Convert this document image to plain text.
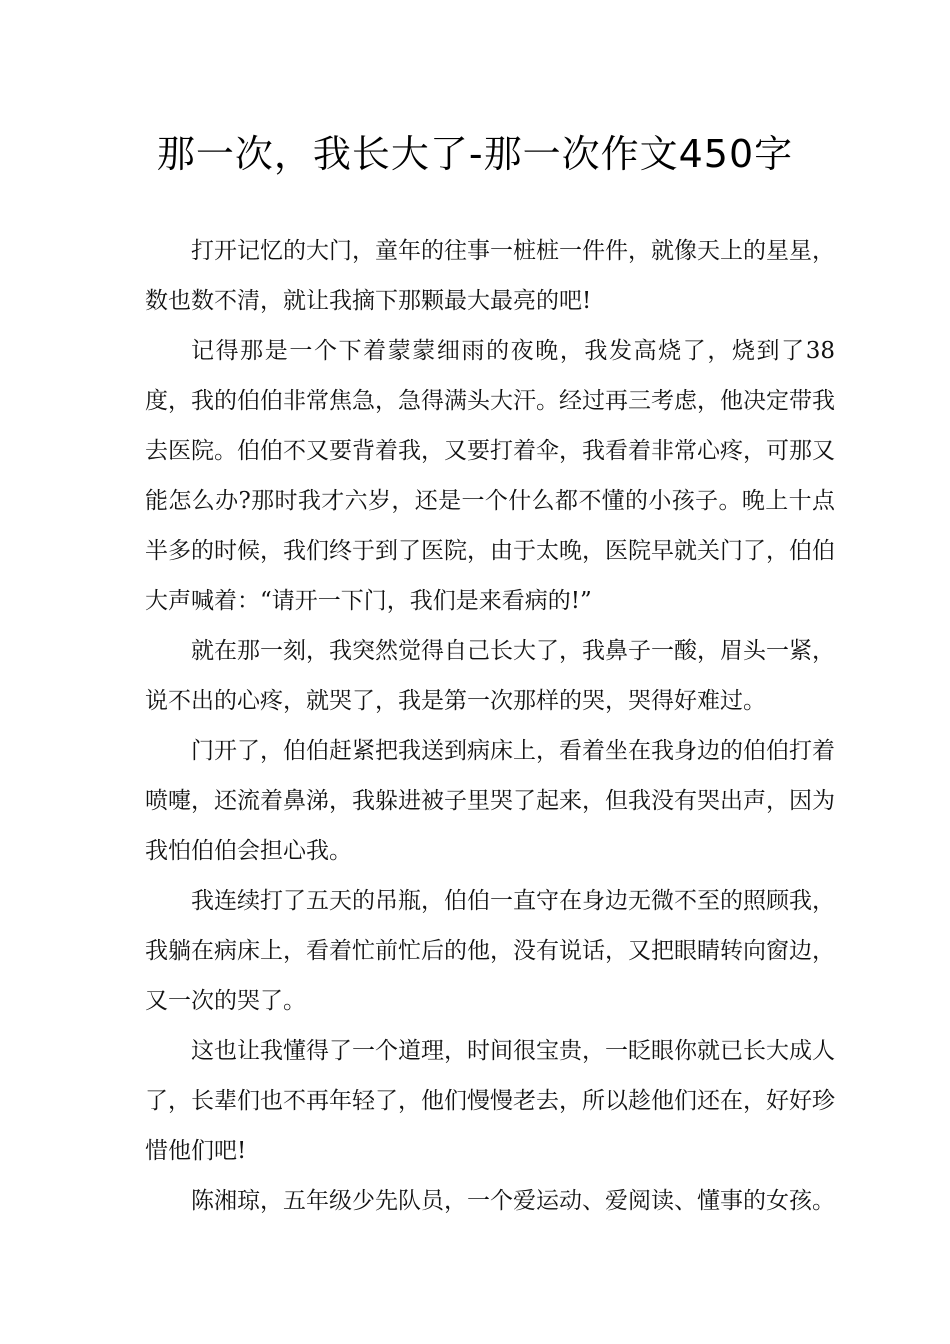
那一次，我长大了-那一次作文450字

打开记忆的大门，童年的往事一桩桩一件件，就像天上的星星，数也数不清，就让我摘下那颗最大最亮的吧!

记得那是一个下着蒙蒙细雨的夜晚，我发高烧了，烧到了38度，我的伯伯非常焦急，急得满头大汗。经过再三考虑，他决定带我去医院。伯伯不又要背着我，又要打着伞，我看着非常心疼，可那又能怎么办?那时我才六岁，还是一个什么都不懂的小孩子。晚上十点半多的时候，我们终于到了医院，由于太晚，医院早就关门了，伯伯大声喊着：“请开一下门，我们是来看病的!”

就在那一刻，我突然觉得自己长大了，我鼻子一酸，眉头一紧，说不出的心疼，就哭了，我是第一次那样的哭，哭得好难过。

门开了，伯伯赶紧把我送到病床上，看着坐在我身边的伯伯打着喷嚏，还流着鼻涕，我躲进被子里哭了起来，但我没有哭出声，因为我怕伯伯会担心我。

我连续打了五天的吊瓶，伯伯一直守在身边无微不至的照顾我，我躺在病床上，看着忙前忙后的他，没有说话，又把眼睛转向窗边，又一次的哭了。

这也让我懂得了一个道理，时间很宝贵，一眨眼你就已长大成人了，长辈们也不再年轻了，他们慢慢老去，所以趁他们还在，好好珍惜他们吧!

陈湘琼，五年级少先队员，一个爱运动、爱阅读、懂事的女孩。
